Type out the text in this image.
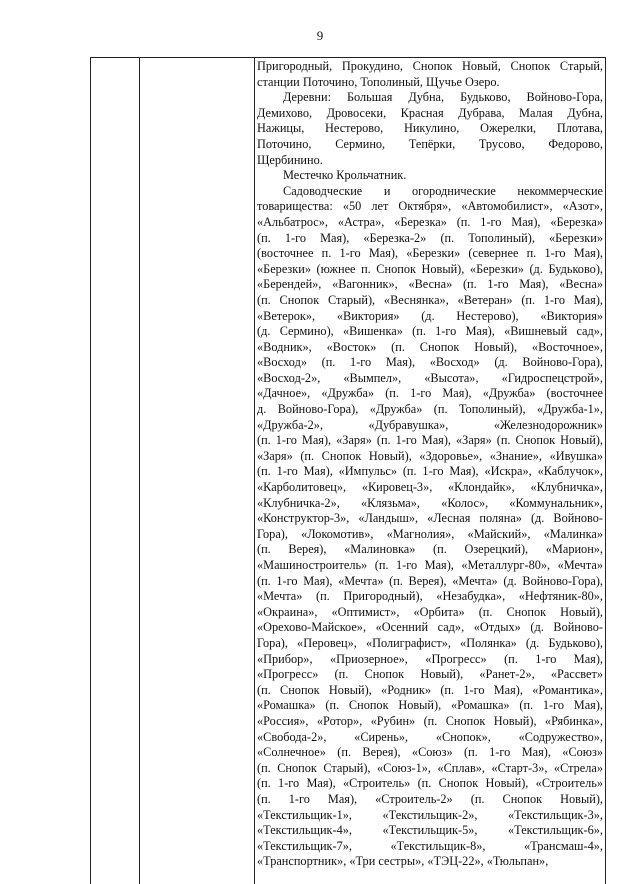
9

Пригородный, Прокудино, Снопок Новый, Снопок Старый,
станции Поточино, Тополиный, Щучье Озеро.

Деревни: Большая Дубна, Будьково, Войново-Гора,
Демихово, Дровосеки, Красная Дубрава, Малая Дубна,
Нажицы, Нестерово, Никулино, Ожерелки, Плотава,
Поточино, Сермино, Тепёрки, Трусово, Федорово,
Щербинино.

Местечко Крольчатник.

Садоводческие и огороднические некоммерческие
товарищества: «50 лет Октября», «Автомобилист», «Азот»,
«Альбатрос», «Астра», «Березка» (п. 1-го Мая), «Березка»
(п. 1-го Мая), «Березка-2» (п. Тополиный), «Березки»
(восточнее п. 1-го Мая), «Березки» (севернее п. 1-го Мая),
«Березки» (южнее п. Снопок Новый), «Березки» (д. Будьково),
«Берендей», «Вагонник», «Весна» (п. 1-го Мая), «Весна»
(п. Снопок Старый), «Веснянка», «Ветеран» (п. 1-го Мая),
«Ветерок», «Виктория» (д. Нестерово), «Виктория»
(д. Сермино), «Вишенка» (п. 1-го Мая), «Вишневый сад»,
«Водник», «Восток» (п. Снопок Новый), «Восточное»,
«Восход» (п. 1-го Мая), «Восход» (д. Войново-Гора),
«Восход-2», «Вымпел», «Высота», «Гидроспецстрой»,
«Дачное», «Дружба» (п. 1-го Мая), «Дружба» (восточнее
д. Войново-Гора), «Дружба» (п. Тополиный), «Дружба-1»,
«Дружба-2», «Дубравушка», «Железнодорожник»
(п. 1-го Мая), «Заря» (п. 1-го Мая), «Заря» (п. Снопок Новый),
«Заря» (п. Снопок Новый), «Здоровье», «Знание», «Ивушка»
(п. 1-го Мая), «Импульс» (п. 1-го Мая), «Искра», «Каблучок»,
«Карболитовец», «Кировец-3», «Клондайк», «Клубничка»,
«Клубничка-2», «Клязьма», «Колос», «Коммунальник»,
«Конструктор-3», «Ландыш», «Лесная поляна» (д. Войново-
Гора), «Локомотив», «Магнолия», «Майский», «Малинка»
(п. Верея), «Малиновка» (п. Озерецкий), «Марион»,
«Машиностроитель» (п. 1-го Мая), «Металлург-80», «Мечта»
(п. 1-го Мая), «Мечта» (п. Верея), «Мечта» (д. Войново-Гора),
«Мечта» (п. Пригородный), «Незабудка», «Нефтяник-80»,
«Окраина», «Оптимист», «Орбита» (п. Снопок Новый),
«Орехово-Майское», «Осенний сад», «Отдых» (д. Войново-
Гора), «Перовец», «Полиграфист», «Полянка» (д. Будьково),
«Прибор», «Приозерное», «Прогресс» (п. 1-го Мая),
«Прогресс» (п. Снопок Новый), «Ранет-2», «Рассвет»
(п. Снопок Новый), «Родник» (п. 1-го Мая), «Романтика»,
«Ромашка» (п. Снопок Новый), «Ромашка» (п. 1-го Мая),
«Россия», «Ротор», «Рубин» (п. Снопок Новый), «Рябинка»,
«Свобода-2», «Сирень», «Снопок», «Содружество»,
«Солнечное» (п. Верея), «Союз» (п. 1-го Мая), «Союз»
(п. Снопок Старый), «Союз-1», «Сплав», «Старт-3», «Стрела»
(п. 1-го Мая), «Строитель» (п. Снопок Новый), «Строитель»
(п. 1-го Мая), «Строитель-2» (п. Снопок Новый),
«Текстильщик-1», «Текстильщик-2», «Текстильщик-3»,
«Текстильщик-4», «Текстильщик-5», «Текстильщик-6»,
«Текстильщик-7», «Текстильщик-8», «Трансмаш-4»,
«Транспортник», «Три сестры», «ТЭЦ-22», «Тюльпан»,
